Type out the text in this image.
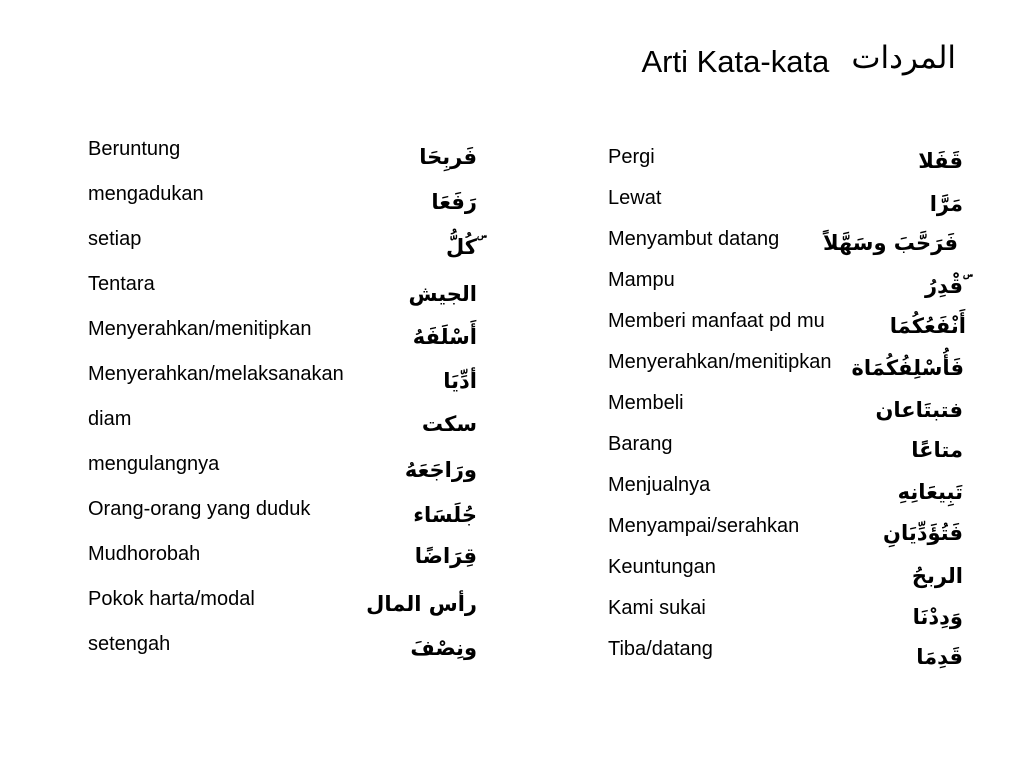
Arti Kata-kata المردات
Beruntung	فَربِحَا
mengadukan	رَفَعَا
setiap	ۜكُلُّ
Tentara	الجيش
Menyerahkan/menitipkan	أَسْلَفَهُ
Menyerahkan/melaksanakan	أدِّيَا
diam	سكت
mengulangnya	ورَاجَعَهُ
Orang-orang yang duduk	جُلَسَاء
Mudhorobah	قِرَاضًا
Pokok harta/modal	رأس المال
setengah	ونِصْفَ
Pergi	قَفَلا
Lewat	مَرَّا
Menyambut datang فَرَحَّبَ وسَهَّلاً
Mampu	ۜقْدِرُ
Memberi manfaat pd mu	أَنْفَعُكُمَا
Menyerahkan/menitipkan فَأُسْلِفُكُمَاة
Membeli	فتبتَاعان
Barang	متاعًا
Menjualnya	تَبِيعَانِهِ
Menyampai/serahkan	فَتُؤَدِّيَانِ
Keuntungan	الربحُ
Kami sukai	وَدِدْنَا
Tiba/datang	قَدِمَا
